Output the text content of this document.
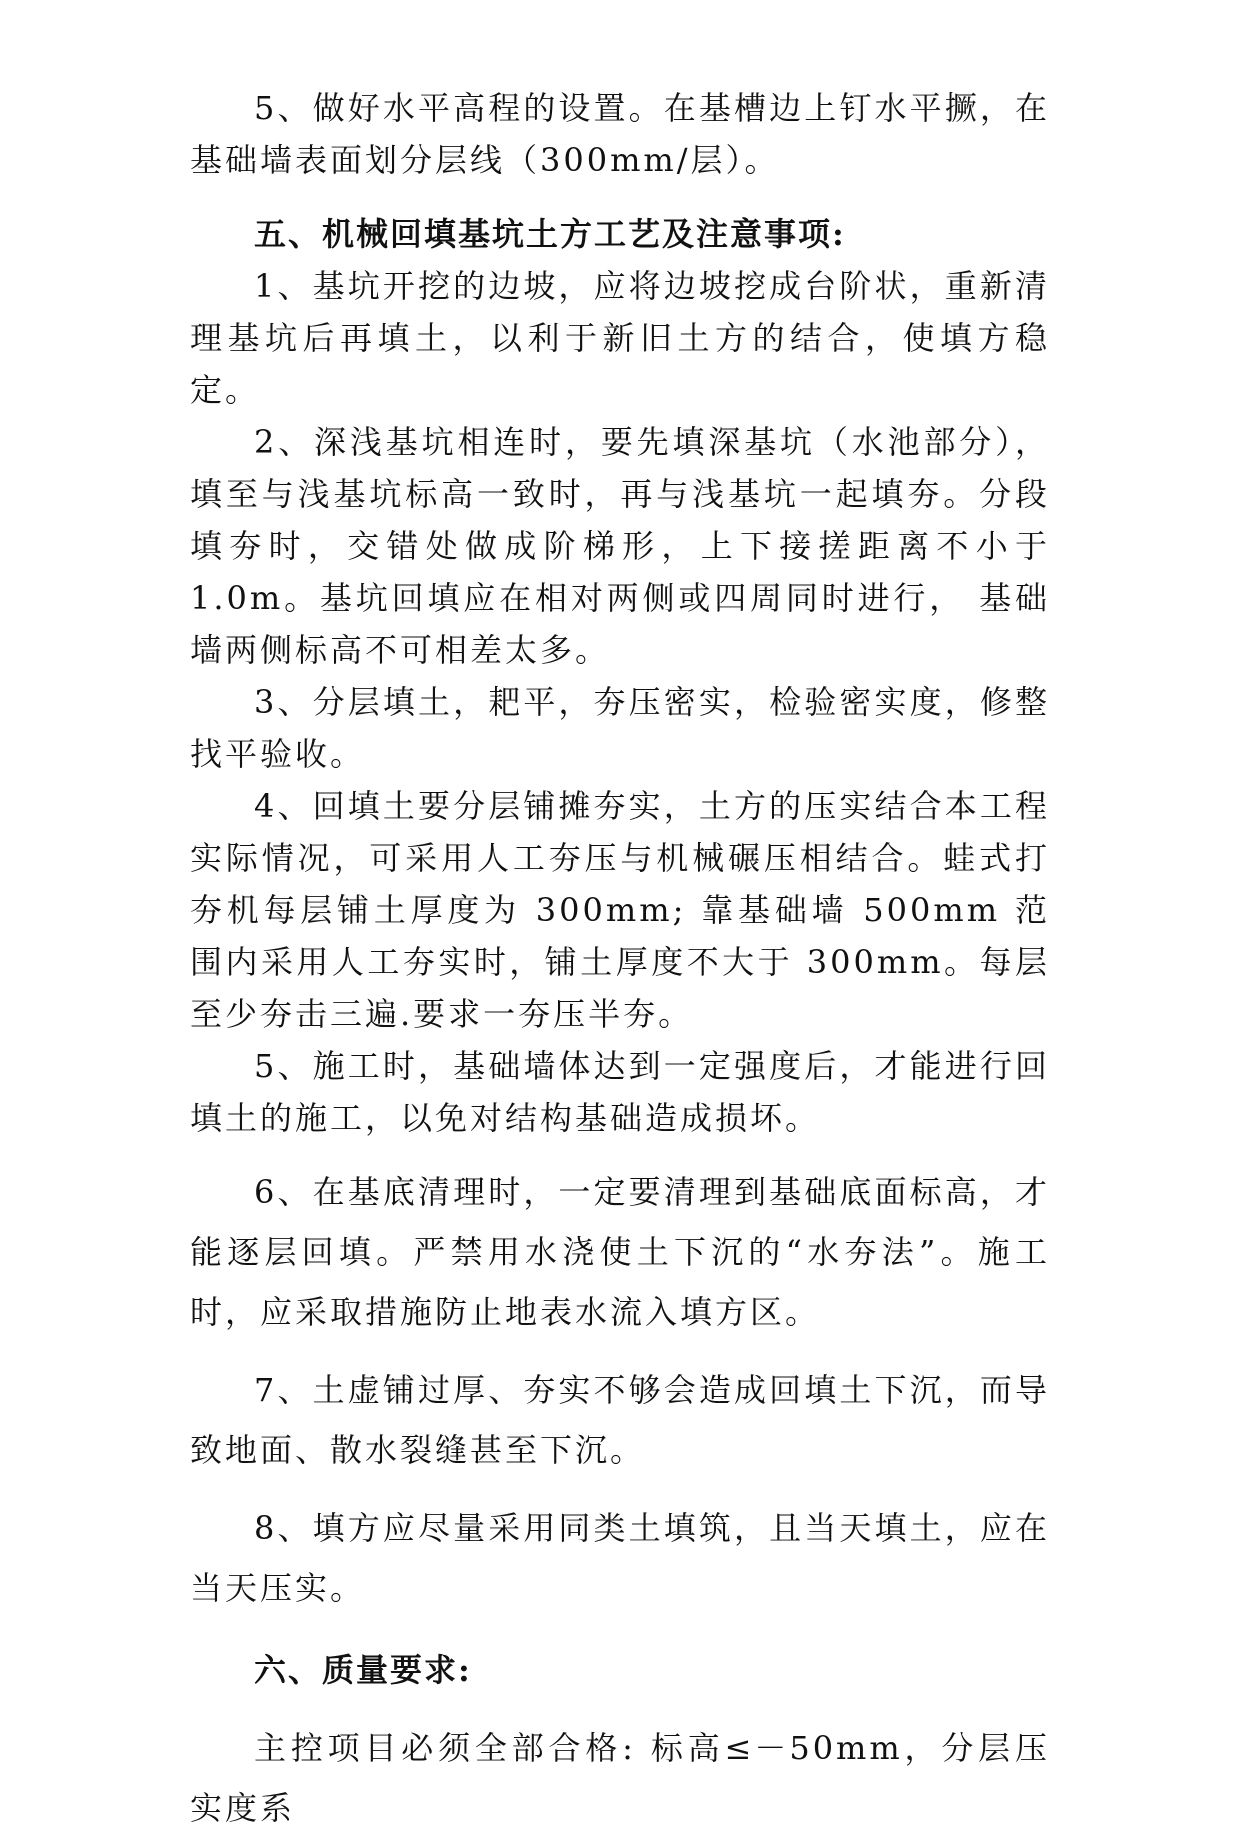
5、做好水平高程的设置。在基槽边上钉水平撅，在基础墙表面划分层线（300mm/层）。

五、机械回填基坑土方工艺及注意事项:

1、基坑开挖的边坡，应将边坡挖成台阶状，重新清理基坑后再填土，以利于新旧土方的结合，使填方稳定。

2、深浅基坑相连时，要先填深基坑（水池部分），填至与浅基坑标高一致时，再与浅基坑一起填夯。分段填夯时，交错处做成阶梯形，上下接搓距离不小于 1.0m。基坑回填应在相对两侧或四周同时进行， 基础墙两侧标高不可相差太多。

3、分层填土，耙平，夯压密实，检验密实度，修整找平验收。

4、回填土要分层铺摊夯实，土方的压实结合本工程实际情况，可采用人工夯压与机械碾压相结合。蛙式打夯机每层铺土厚度为 300mm; 靠基础墙 500mm 范围内采用人工夯实时，铺土厚度不大于 300mm。每层至少夯击三遍.要求一夯压半夯。

5、施工时，基础墙体达到一定强度后，才能进行回填土的施工，以免对结构基础造成损坏。

6、在基底清理时，一定要清理到基础底面标高，才能逐层回填。严禁用水浇使土下沉的“水夯法”。施工时，应采取措施防止地表水流入填方区。

7、土虚铺过厚、夯实不够会造成回填土下沉，而导致地面、散水裂缝甚至下沉。

8、填方应尽量采用同类土填筑，且当天填土，应在当天压实。

六、质量要求:

主控项目必须全部合格: 标高≤－50mm，分层压实度系
